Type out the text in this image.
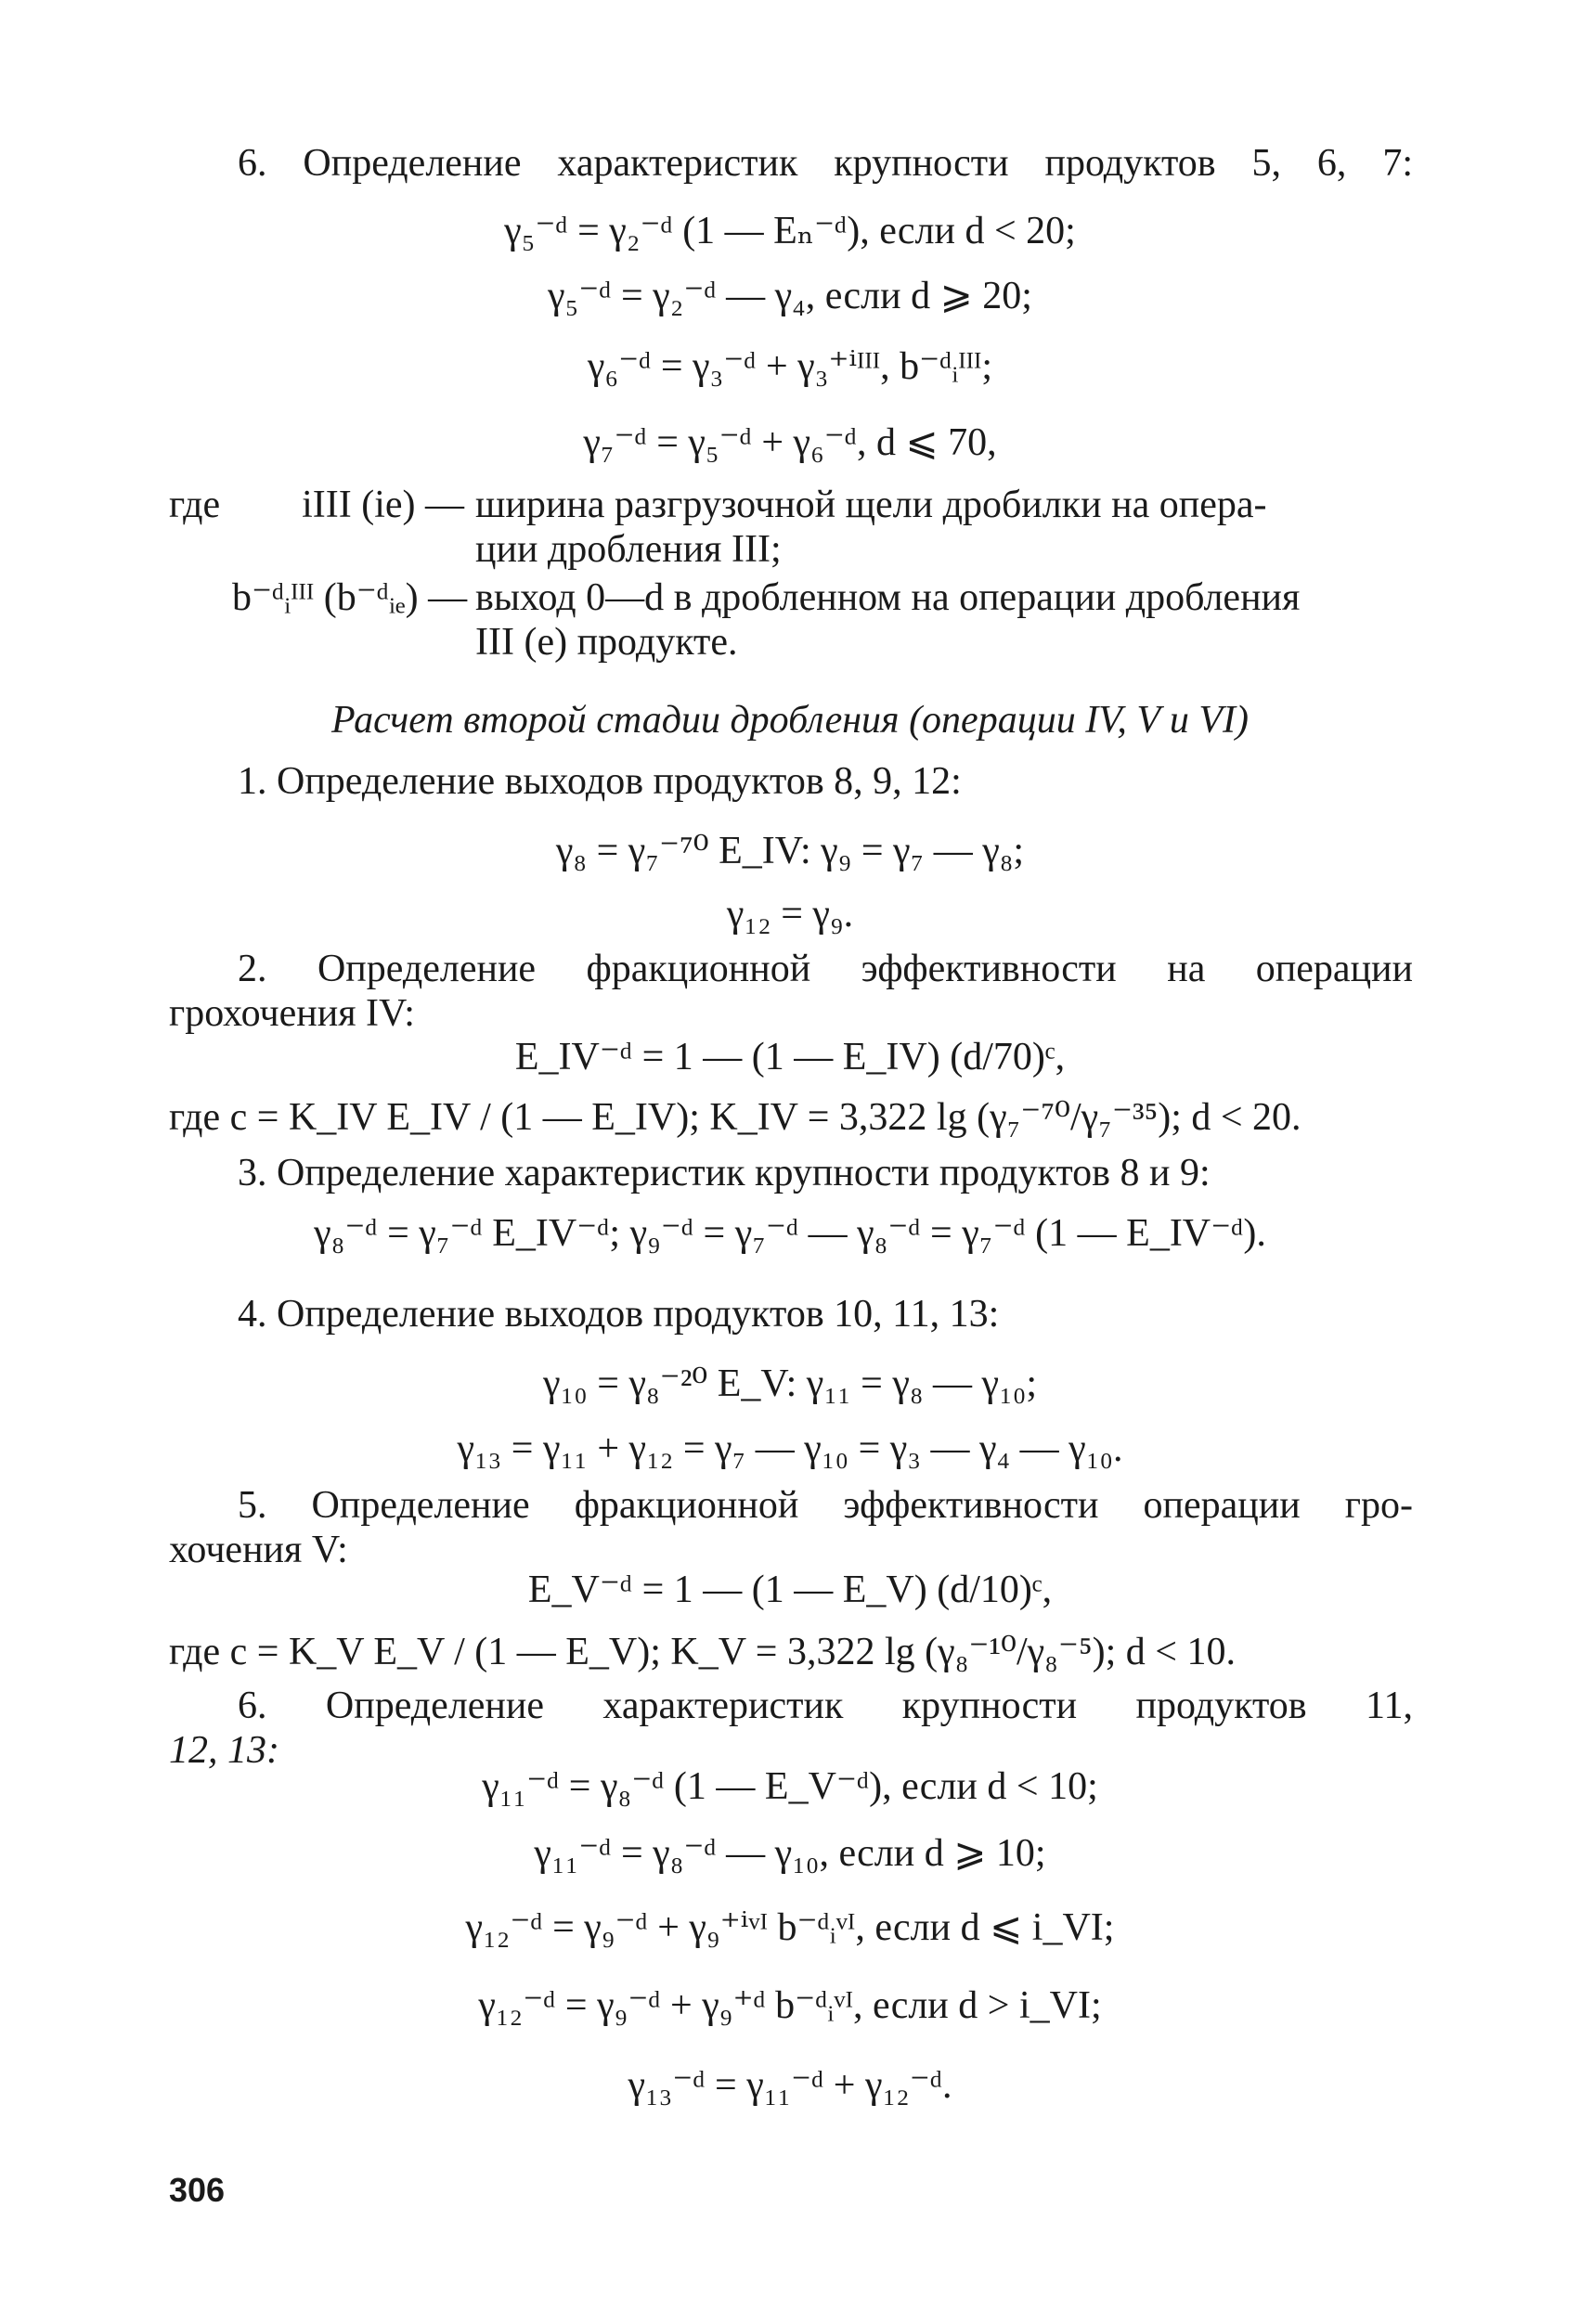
6. Определение характеристик крупности продуктов 5, 6, 7:
γ₅⁻ᵈ = γ₂⁻ᵈ (1 — Eₙ⁻ᵈ), если d < 20;
γ₅⁻ᵈ = γ₂⁻ᵈ — γ₄, если d ⩾ 20;
γ₆⁻ᵈ = γ₃⁻ᵈ + γ₃⁺ⁱᴵᴵᴵ, b⁻ᵈᵢᴵᴵᴵ;
γ₇⁻ᵈ = γ₅⁻ᵈ + γ₆⁻ᵈ, d ⩽ 70,
где	iIII (ie) — ширина разгрузочной щели дробилки на опера-
ции дробления III;
b⁻ᵈᵢᴵᴵᴵ (b⁻ᵈᵢₑ) — выход 0—d в дробленном на операции дробления
III (e) продукте.
Расчет второй стадии дробления (операции IV, V и VI)
1. Определение выходов продуктов 8, 9, 12:
γ₈ = γ₇⁻⁷⁰ E_IV: γ₉ = γ₇ — γ₈;
γ₁₂ = γ₉.
2. Определение фракционной эффективности на операции
грохочения IV:
E_IV⁻ᵈ = 1 — (1 — E_IV) (d/70)ᶜ,
где c = K_IV E_IV / (1 — E_IV); K_IV = 3,322 lg (γ₇⁻⁷⁰/γ₇⁻³⁵); d < 20.
3. Определение характеристик крупности продуктов 8 и 9:
γ₈⁻ᵈ = γ₇⁻ᵈ E_IV⁻ᵈ; γ₉⁻ᵈ = γ₇⁻ᵈ — γ₈⁻ᵈ = γ₇⁻ᵈ (1 — E_IV⁻ᵈ).
4. Определение выходов продуктов 10, 11, 13:
γ₁₀ = γ₈⁻²⁰ E_V: γ₁₁ = γ₈ — γ₁₀;
γ₁₃ = γ₁₁ + γ₁₂ = γ₇ — γ₁₀ = γ₃ — γ₄ — γ₁₀.
5. Определение фракционной эффективности операции гро-
хочения V:
E_V⁻ᵈ = 1 — (1 — E_V) (d/10)ᶜ,
где c = K_V E_V / (1 — E_V); K_V = 3,322 lg (γ₈⁻¹⁰/γ₈⁻⁵); d < 10.
6. Определение характеристик крупности продуктов 11,
12, 13:
γ₁₁⁻ᵈ = γ₈⁻ᵈ (1 — E_V⁻ᵈ), если d < 10;
γ₁₁⁻ᵈ = γ₈⁻ᵈ — γ₁₀, если d ⩾ 10;
γ₁₂⁻ᵈ = γ₉⁻ᵈ + γ₉⁺ⁱᵛᴵ b⁻ᵈᵢᵛᴵ, если d ⩽ i_VI;
γ₁₂⁻ᵈ = γ₉⁻ᵈ + γ₉⁺ᵈ b⁻ᵈᵢᵛᴵ, если d > i_VI;
γ₁₃⁻ᵈ = γ₁₁⁻ᵈ + γ₁₂⁻ᵈ.
306
